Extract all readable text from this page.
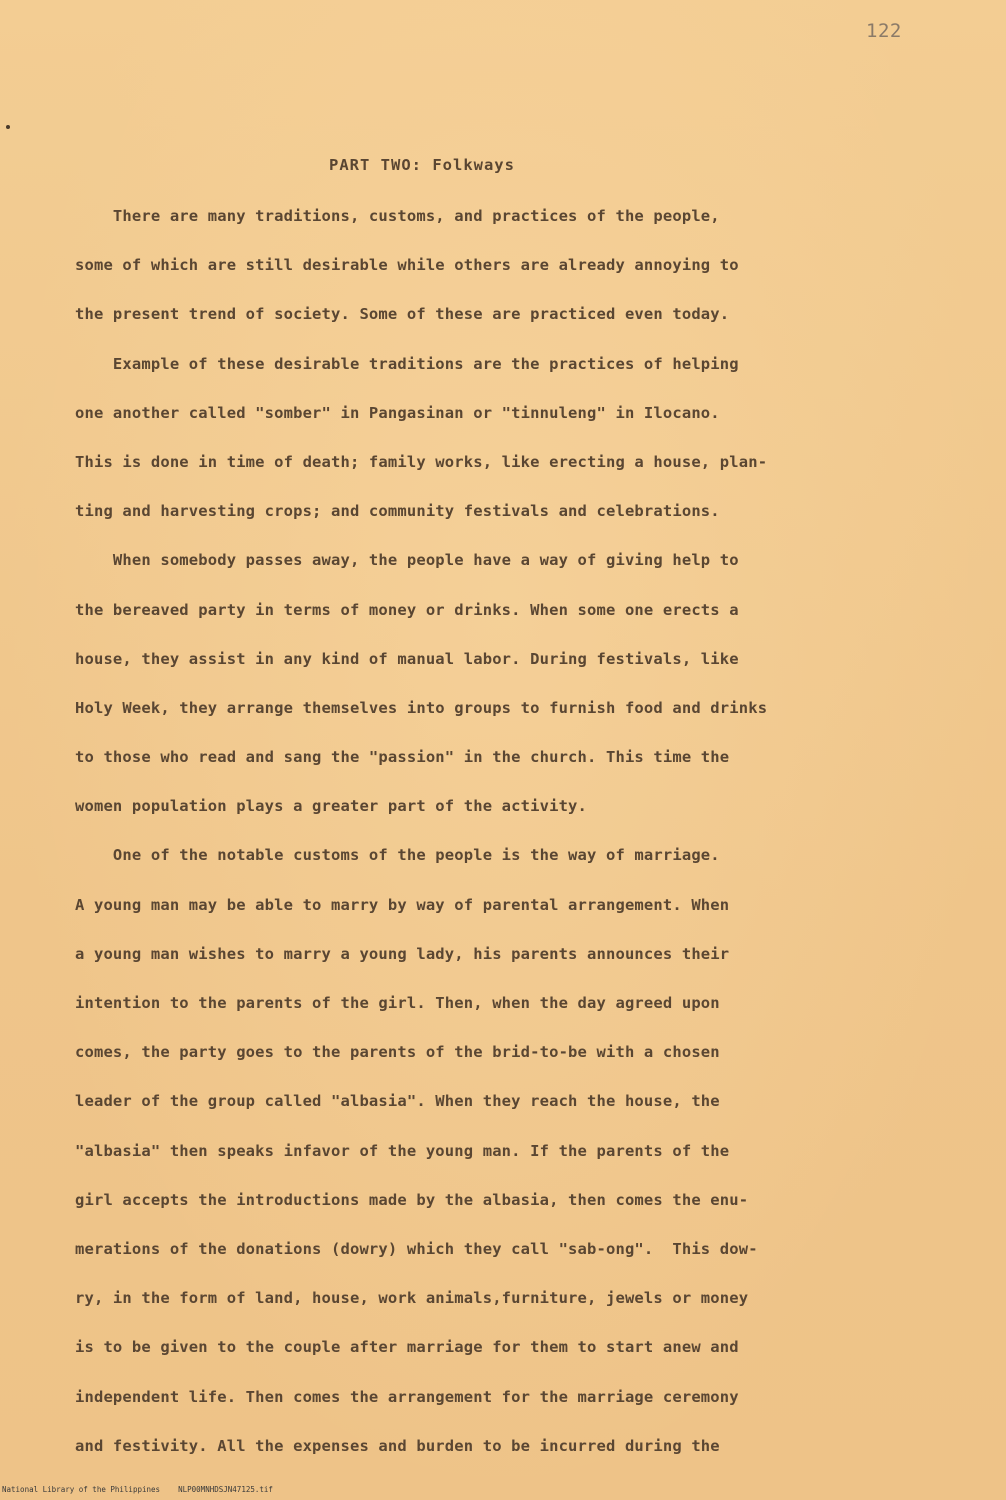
122
PART TWO: Folkways
There are many traditions, customs, and practices of the people,
some of which are still desirable while others are already annoying to
the present trend of society. Some of these are practiced even today.
Example of these desirable traditions are the practices of helping
one another called "somber" in Pangasinan or "tinnuleng" in Ilocano.
This is done in time of death; family works, like erecting a house, plan-
ting and harvesting crops; and community festivals and celebrations.
When somebody passes away, the people have a way of giving help to
the bereaved party in terms of money or drinks. When some one erects a
house, they assist in any kind of manual labor. During festivals, like
Holy Week, they arrange themselves into groups to furnish food and drinks
to those who read and sang the "passion" in the church. This time the
women population plays a greater part of the activity.
One of the notable customs of the people is the way of marriage.
A young man may be able to marry by way of parental arrangement. When
a young man wishes to marry a young lady, his parents announces their
intention to the parents of the girl. Then, when the day agreed upon
comes, the party goes to the parents of the brid-to-be with a chosen
leader of the group called "albasia". When they reach the house, the
"albasia" then speaks infavor of the young man. If the parents of the
girl accepts the introductions made by the albasia, then comes the enu-
merations of the donations (dowry) which they call "sab-ong".  This dow-
ry, in the form of land, house, work animals,furniture, jewels or money
is to be given to the couple after marriage for them to start anew and
independent life. Then comes the arrangement for the marriage ceremony
and festivity. All the expenses and burden to be incurred during the
National Library of the Philippines    NLP00MNHDSJN47125.tif
